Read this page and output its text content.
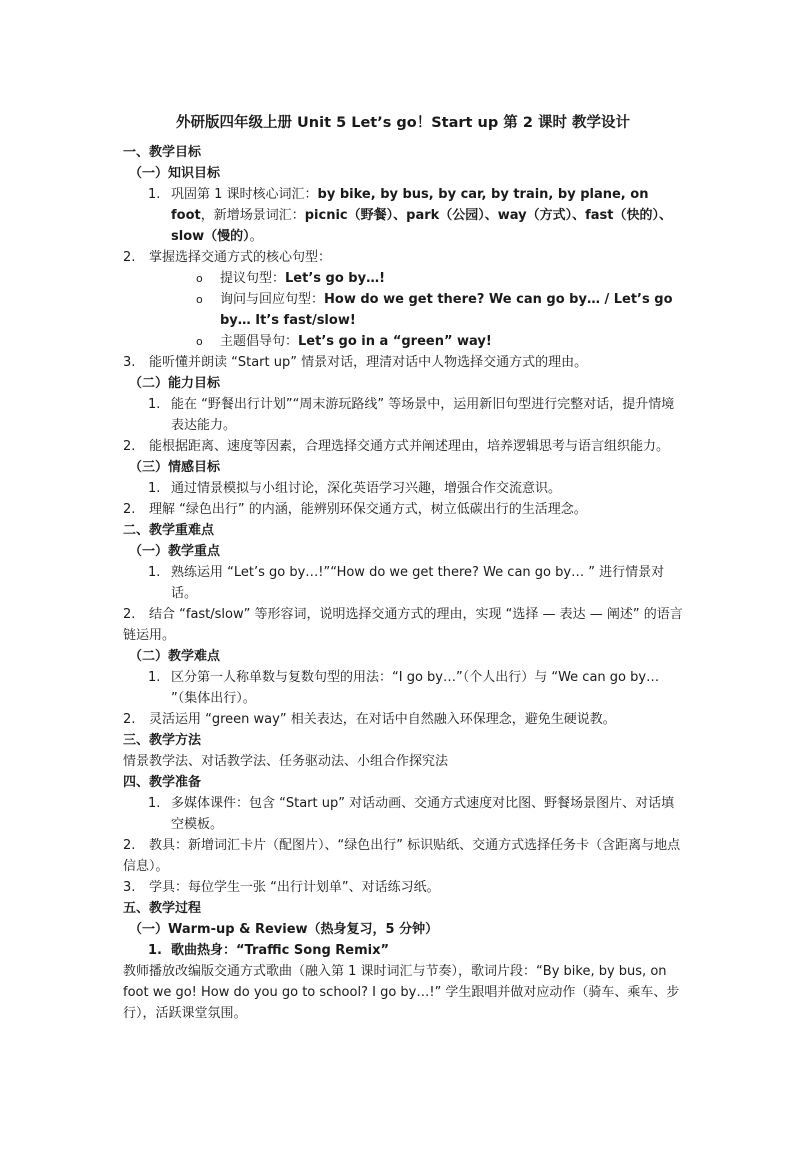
外研版四年级上册 Unit 5 Let’s go！Start up 第 2 课时 教学设计
一、教学目标
（一）知识目标
1. 巩固第 1 课时核心词汇：by bike, by bus, by car, by train, by plane, on foot，新增场景词汇：picnic（野餐）、park（公园）、way（方式）、fast（快的）、slow（慢的）。
2. 掌握选择交通方式的核心句型：
o 提议句型：Let’s go by…!
o 询问与回应句型：How do we get there? We can go by… / Let’s go by… It’s fast/slow!
o 主题倡导句：Let’s go in a “green” way!
3. 能听懂并朗读 “Start up” 情景对话，理清对话中人物选择交通方式的理由。
（二）能力目标
1. 能在 “野餐出行计划”“周末游玩路线” 等场景中，运用新旧句型进行完整对话，提升情境表达能力。
2. 能根据距离、速度等因素，合理选择交通方式并阐述理由，培养逻辑思考与语言组织能力。
（三）情感目标
1. 通过情景模拟与小组讨论，深化英语学习兴趣，增强合作交流意识。
2. 理解 “绿色出行” 的内涵，能辨别环保交通方式，树立低碳出行的生活理念。
二、教学重难点
（一）教学重点
1. 熟练运用 “Let’s go by…!”“How do we get there? We can go by… ” 进行情景对话。
2. 结合 “fast/slow” 等形容词，说明选择交通方式的理由，实现 “选择 — 表达 — 阐述” 的语言链运用。
（二）教学难点
1. 区分第一人称单数与复数句型的用法：“I go by…”（个人出行）与 “We can go by… ”（集体出行）。
2. 灵活运用 “green way” 相关表达，在对话中自然融入环保理念，避免生硬说教。
三、教学方法
情景教学法、对话教学法、任务驱动法、小组合作探究法
四、教学准备
1. 多媒体课件：包含 “Start up” 对话动画、交通方式速度对比图、野餐场景图片、对话填空模板。
2. 教具：新增词汇卡片（配图片）、“绿色出行” 标识贴纸、交通方式选择任务卡（含距离与地点信息）。
3. 学具：每位学生一张 “出行计划单”、对话练习纸。
五、教学过程
（一）Warm-up & Review（热身复习，5 分钟）
1. 歌曲热身：“Traffic Song Remix”
教师播放改编版交通方式歌曲（融入第 1 课时词汇与节奏），歌词片段：“By bike, by bus, on foot we go! How do you go to school? I go by…!” 学生跟唱并做对应动作（骑车、乘车、步行），活跃课堂氛围。
